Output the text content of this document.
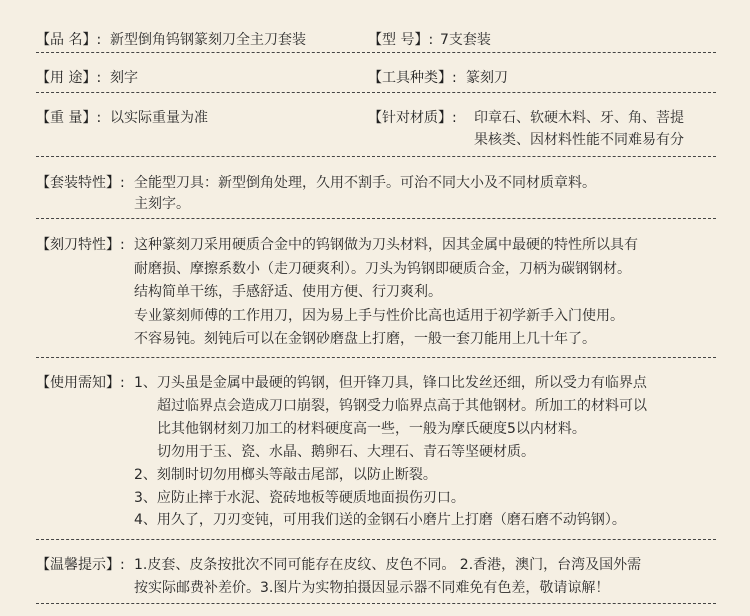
【品 名】: 新型倒角钨钢篆刻刀全主刀套装	【型 号】: 7支套装
【用 途】: 刻字	【工具种类】: 篆刻刀
【重 量】: 以实际重量为准	【针对材质】: 印章石、软硬木料、牙、角、菩提
果核类、因材料性能不同难易有分
【套装特性】: 全能型刀具：新型倒角处理，久用不割手。可治不同大小及不同材质章料。
主刻字。
【刻刀特性】: 这种篆刻刀采用硬质合金中的钨钢做为刀头材料，因其金属中最硬的特性所以具有
耐磨损、摩擦系数小（走刀硬爽利）。刀头为钨钢即硬质合金，刀柄为碳钢钢材。
结构简单干练，手感舒适、使用方便、行刀爽利。
专业篆刻师傅的工作用刀，因为易上手与性价比高也适用于初学新手入门使用。
不容易钝。刻钝后可以在金钢砂磨盘上打磨，一般一套刀能用上几十年了。
【使用需知】: 1、刀头虽是金属中最硬的钨钢，但开锋刀具，锋口比发丝还细，所以受力有临界点
超过临界点会造成刀口崩裂，钨钢受力临界点高于其他钢材。所加工的材料可以
比其他钢材刻刀加工的材料硬度高一些，一般为摩氏硬度5以内材料。
切勿用于玉、瓷、水晶、鹅卵石、大理石、青石等坚硬材质。
2、刻制时切勿用榔头等敲击尾部，以防止断裂。
3、应防止摔于水泥、瓷砖地板等硬质地面损伤刃口。
4、用久了，刀刃变钝，可用我们送的金钢石小磨片上打磨（磨石磨不动钨钢）。
【温馨提示】: 1.皮套、皮条按批次不同可能存在皮纹、皮色不同。 2.香港，澳门，台湾及国外需
按实际邮费补差价。3.图片为实物拍摄因显示器不同难免有色差，敬请谅解！
